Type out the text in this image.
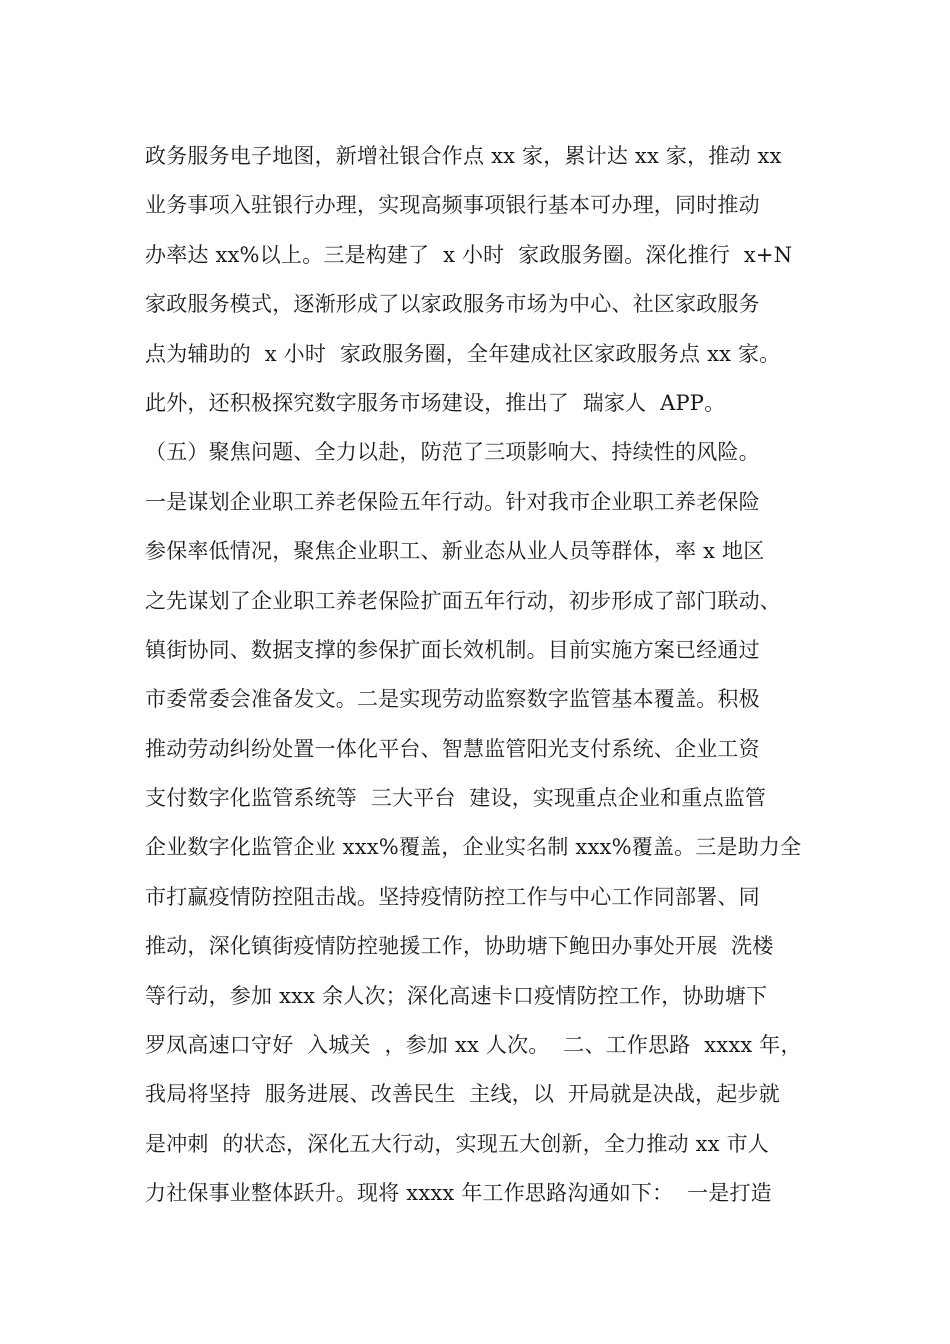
政务服务电子地图，新增社银合作点 xx 家，累计达 xx 家，推动 xx
业务事项入驻银行办理，实现高频事项银行基本可办理，同时推动
办率达 xx%以上。三是构建了  x 小时  家政服务圈。深化推行  x+N
家政服务模式，逐渐形成了以家政服务市场为中心、社区家政服务
点为辅助的  x 小时  家政服务圈，全年建成社区家政服务点 xx 家。
此外，还积极探究数字服务市场建设，推出了  瑞家人  APP。
（五）聚焦问题、全力以赴，防范了三项影响大、持续性的风险。
一是谋划企业职工养老保险五年行动。针对我市企业职工养老保险
参保率低情况，聚焦企业职工、新业态从业人员等群体，率 x 地区
之先谋划了企业职工养老保险扩面五年行动，初步形成了部门联动、
镇街协同、数据支撑的参保扩面长效机制。目前实施方案已经通过
市委常委会准备发文。二是实现劳动监察数字监管基本覆盖。积极
推动劳动纠纷处置一体化平台、智慧监管阳光支付系统、企业工资
支付数字化监管系统等  三大平台  建设，实现重点企业和重点监管
企业数字化监管企业 xxx%覆盖，企业实名制 xxx%覆盖。三是助力全
市打赢疫情防控阻击战。坚持疫情防控工作与中心工作同部署、同
推动，深化镇街疫情防控驰援工作，协助塘下鲍田办事处开展  洗楼
等行动，参加 xxx 余人次；深化高速卡口疫情防控工作，协助塘下
罗凤高速口守好  入城关  ，参加 xx 人次。  二、工作思路  xxxx 年，
我局将坚持  服务进展、改善民生  主线，以  开局就是决战，起步就
是冲刺  的状态，深化五大行动，实现五大创新，全力推动 xx 市人
力社保事业整体跃升。现将 xxxx 年工作思路沟通如下：  一是打造
